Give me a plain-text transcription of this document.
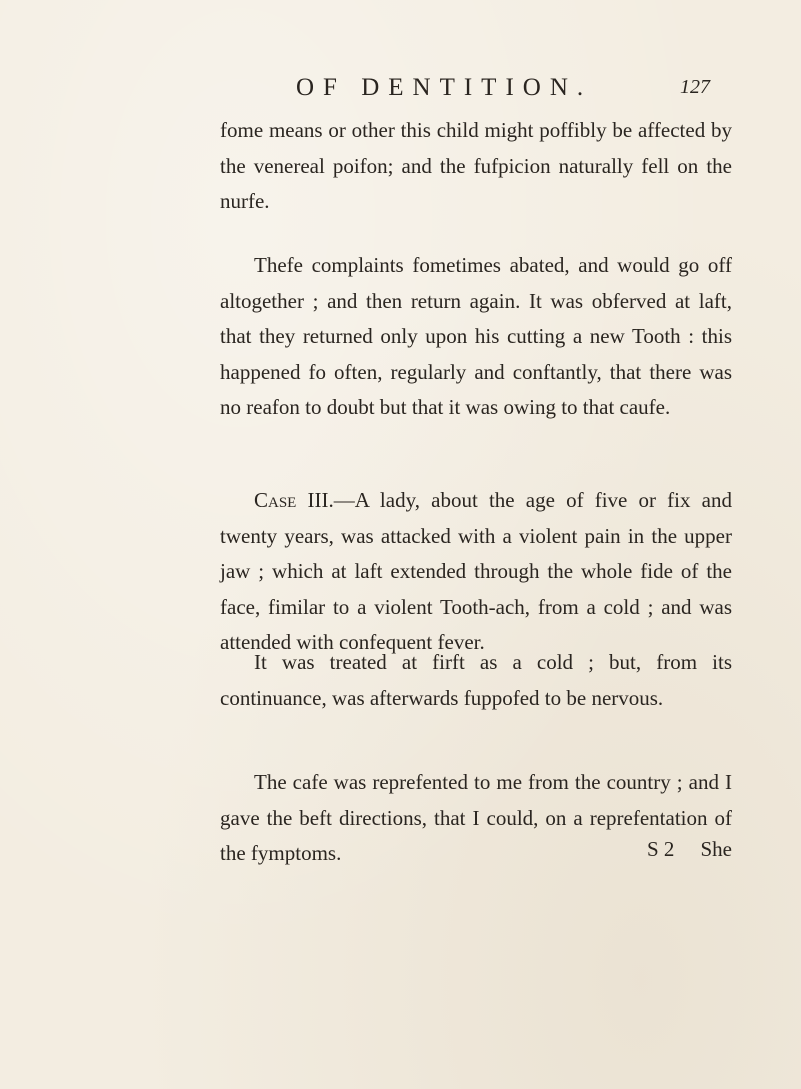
OF DENTITION.	127

fome means or other this child might poffibly be affected by the venereal poifon; and the fufpicion naturally fell on the nurfe.

Thefe complaints fometimes abated, and would go off altogether ; and then return again. It was obferved at laft, that they returned only upon his cutting a new Tooth : this happened fo often, regularly and conftantly, that there was no reafon to doubt but that it was owing to that caufe.

Case III.—A lady, about the age of five or fix and twenty years, was attacked with a violent pain in the upper jaw ; which at laft extended through the whole fide of the face, fimilar to a violent Tooth-ach, from a cold ; and was attended with confequent fever.

It was treated at firft as a cold ; but, from its continuance, was afterwards fuppofed to be nervous.

The cafe was reprefented to me from the country ; and I gave the beft directions, that I could, on a reprefentation of the fymptoms.	S 2 She
